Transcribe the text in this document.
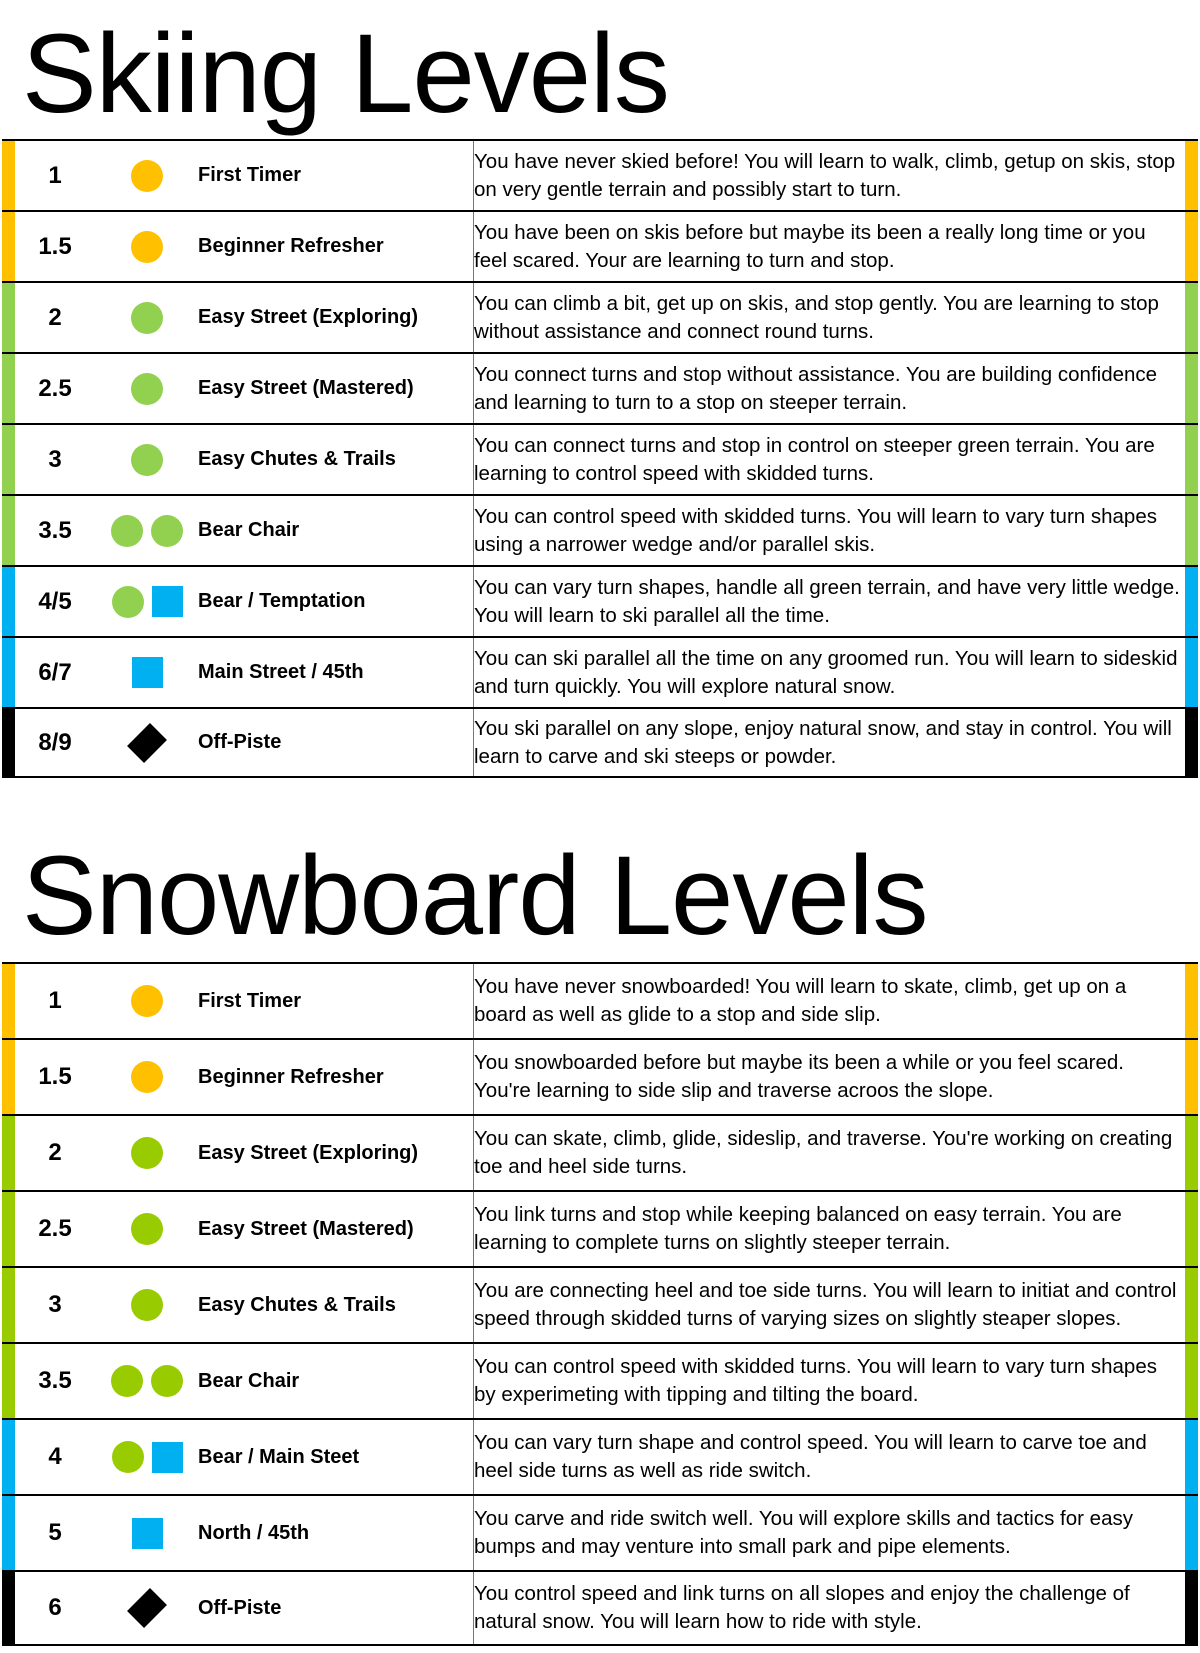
Skiing Levels
1	First Timer
You have never skied before! You will learn to walk, climb, getup on skis, stop on very gentle terrain and possibly start to turn.
1.5	Beginner Refresher
You have been on skis before but maybe its been a really long time or you feel scared. Your are learning to turn and stop.
2	Easy Street (Exploring)
You can climb a bit, get up on skis, and stop gently. You are learning to stop without assistance and connect round turns.
2.5	Easy Street (Mastered)
You connect turns and stop without assistance. You are building confidence and learning to turn to a stop on steeper terrain.
3	Easy Chutes & Trails
You can connect turns and stop in control on steeper green terrain. You are learning to control speed with skidded turns.
3.5	Bear Chair
You can control speed with skidded turns. You will learn to vary turn shapes using a narrower wedge and/or parallel skis.
4/5	Bear / Temptation
You can vary turn shapes, handle all green terrain, and have very little wedge. You will learn to ski parallel all the time.
6/7	Main Street / 45th
You can ski parallel all the time on any groomed run. You will learn to sideskid and turn quickly. You will explore natural snow.
8/9	Off-Piste
You ski parallel on any slope, enjoy natural snow, and stay in control. You will learn to carve and ski steeps or powder.
Snowboard Levels
1	First Timer
You have never snowboarded! You will learn to skate, climb, get up on a board as well as glide to a stop and side slip.
1.5	Beginner Refresher
You snowboarded before but maybe its been a while or you feel scared. You're learning to side slip and traverse acroos the slope.
2	Easy Street (Exploring)
You can skate, climb, glide, sideslip, and traverse. You're working on creating toe and heel side turns.
2.5	Easy Street (Mastered)
You link turns and stop while keeping balanced on easy terrain. You are learning to complete turns on slightly steeper terrain.
3	Easy Chutes & Trails
You are connecting heel and toe side turns. You will learn to initiat and control speed through skidded turns of varying sizes on slightly steaper slopes.
3.5	Bear Chair
You can control speed with skidded turns. You will learn to vary turn shapes by experimeting with tipping and tilting the board.
4	Bear / Main Steet
You can vary turn shape and control speed. You will learn to carve toe and heel side turns as well as ride switch.
5	North / 45th
You carve and ride switch well. You will explore skills and tactics for easy bumps and may venture into small park and pipe elements.
6	Off-Piste
You control speed and link turns on all slopes and enjoy the challenge of natural snow. You will learn how to ride with style.
